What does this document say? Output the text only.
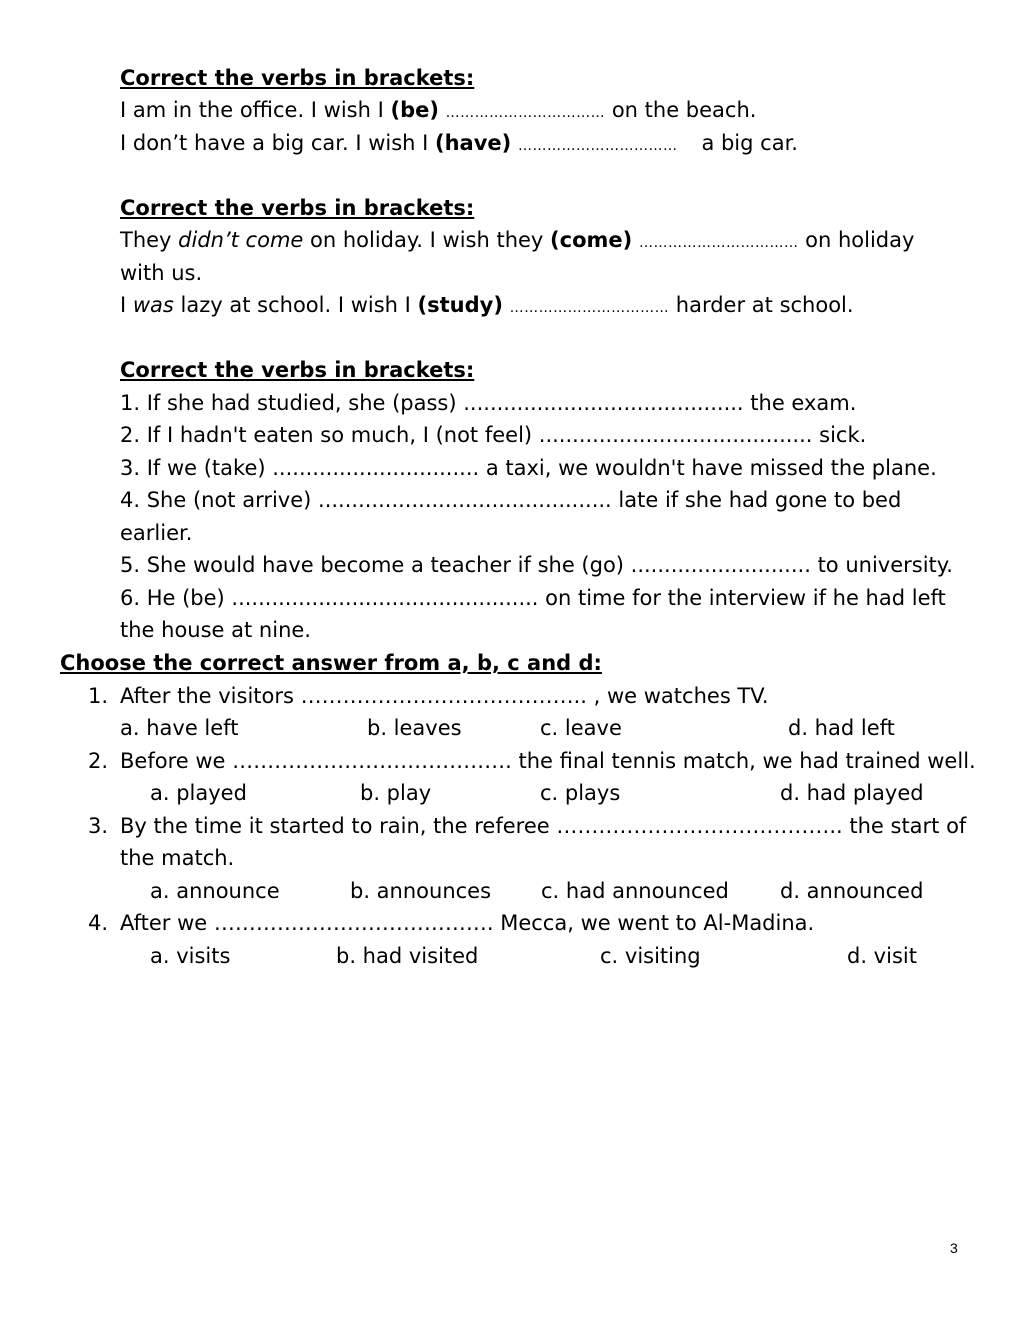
Correct the verbs in brackets:
I am in the office. I wish I (be) …………………………… on the beach.
I don’t have a big car. I wish I (have) …………………………… a big car.
Correct the verbs in brackets:
They didn’t come on holiday. I wish they (come) …………………………… on holiday
with us.
I was lazy at school. I wish I (study) …………………………… harder at school.
Correct the verbs in brackets:
1. If she had studied, she (pass) .......................................... the exam.
2. If I hadn't eaten so much, I (not feel) ......................................... sick.
3. If we (take) ............................... a taxi, we wouldn't have missed the plane.
4. She (not arrive) ............................................ late if she had gone to bed
earlier.
5. She would have become a teacher if she (go) ........................... to university.
6. He (be) .............................................. on time for the interview if he had left
the house at nine.
Choose the correct answer from a, b, c and d:
1. After the visitors ………………………………….. , we watches TV.
a. have left	b. leaves	c. leave	d. had left
2. Before we …………………………………. the final tennis match, we had trained well.
a. played	b. play	c. plays	d. had played
3. By the time it started to rain, the referee ………………………………….. the start of
the match.
a. announce	b. announces c. had announced d. announced
4. After we …………………………………. Mecca, we went to Al-Madina.
a. visits	b. had visited	c. visiting	d. visit
3
